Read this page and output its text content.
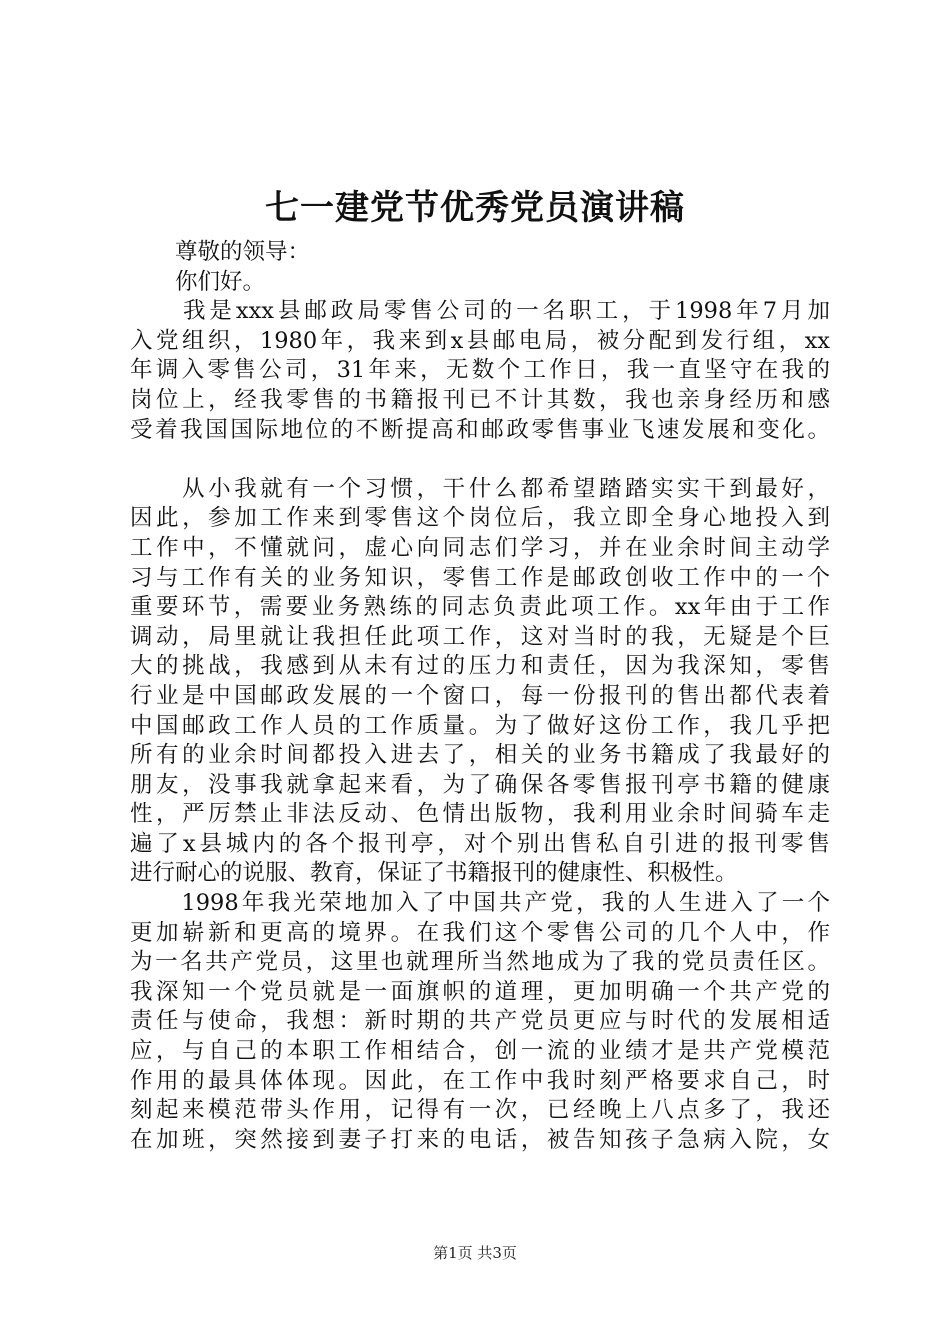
七一建党节优秀党员演讲稿
　　尊敬的领导：
　　你们好。
　　我是xxx县邮政局零售公司的一名职工，于1998年7月加
入党组织，1980年，我来到x县邮电局，被分配到发行组，xx
年调入零售公司，31年来，无数个工作日，我一直坚守在我的
岗位上，经我零售的书籍报刊已不计其数，我也亲身经历和感
受着我国国际地位的不断提高和邮政零售事业飞速发展和变化。
　　从小我就有一个习惯，干什么都希望踏踏实实干到最好，
因此，参加工作来到零售这个岗位后，我立即全身心地投入到
工作中，不懂就问，虚心向同志们学习，并在业余时间主动学
习与工作有关的业务知识，零售工作是邮政创收工作中的一个
重要环节，需要业务熟练的同志负责此项工作。xx年由于工作
调动，局里就让我担任此项工作，这对当时的我，无疑是个巨
大的挑战，我感到从未有过的压力和责任，因为我深知，零售
行业是中国邮政发展的一个窗口，每一份报刊的售出都代表着
中国邮政工作人员的工作质量。为了做好这份工作，我几乎把
所有的业余时间都投入进去了，相关的业务书籍成了我最好的
朋友，没事我就拿起来看，为了确保各零售报刊亭书籍的健康
性，严厉禁止非法反动、色情出版物，我利用业余时间骑车走
遍了x县城内的各个报刊亭，对个别出售私自引进的报刊零售
进行耐心的说服、教育，保证了书籍报刊的健康性、积极性。
　　1998年我光荣地加入了中国共产党，我的人生进入了一个
更加崭新和更高的境界。在我们这个零售公司的几个人中，作
为一名共产党员，这里也就理所当然地成为了我的党员责任区。
我深知一个党员就是一面旗帜的道理，更加明确一个共产党的
责任与使命，我想：新时期的共产党员更应与时代的发展相适
应，与自己的本职工作相结合，创一流的业绩才是共产党模范
作用的最具体体现。因此，在工作中我时刻严格要求自己，时
刻起来模范带头作用，记得有一次，已经晚上八点多了，我还
在加班，突然接到妻子打来的电话，被告知孩子急病入院，女
第1页 共3页
